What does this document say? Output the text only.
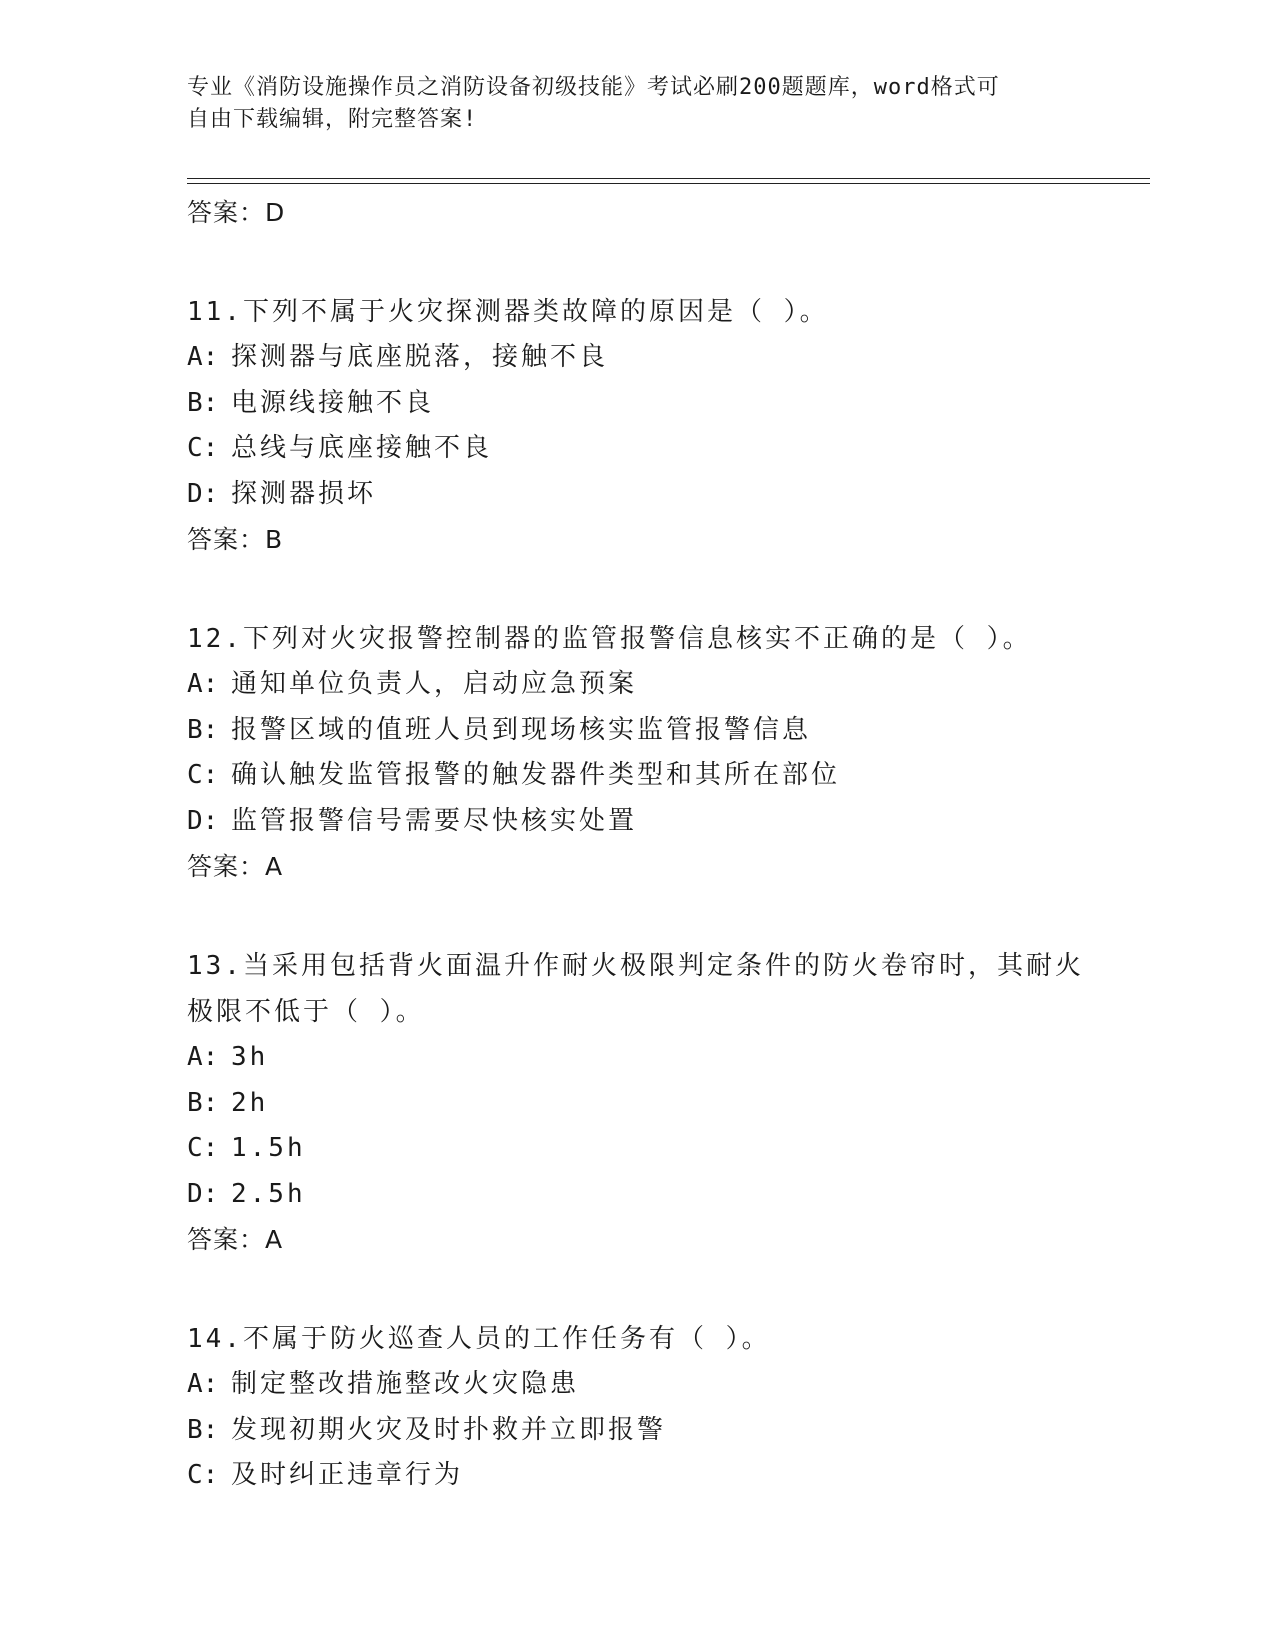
专业《消防设施操作员之消防设备初级技能》考试必刷200题题库，word格式可
自由下载编辑，附完整答案!
答案：D
11.下列不属于火灾探测器类故障的原因是（ ）。
A: 探测器与底座脱落，接触不良
B: 电源线接触不良
C: 总线与底座接触不良
D: 探测器损坏
答案：B
12.下列对火灾报警控制器的监管报警信息核实不正确的是（ ）。
A: 通知单位负责人，启动应急预案
B: 报警区域的值班人员到现场核实监管报警信息
C: 确认触发监管报警的触发器件类型和其所在部位
D: 监管报警信号需要尽快核实处置
答案：A
13.当采用包括背火面温升作耐火极限判定条件的防火卷帘时，其耐火
极限不低于（ ）。
A: 3h
B: 2h
C: 1.5h
D: 2.5h
答案：A
14.不属于防火巡查人员的工作任务有（ ）。
A: 制定整改措施整改火灾隐患
B: 发现初期火灾及时扑救并立即报警
C: 及时纠正违章行为
